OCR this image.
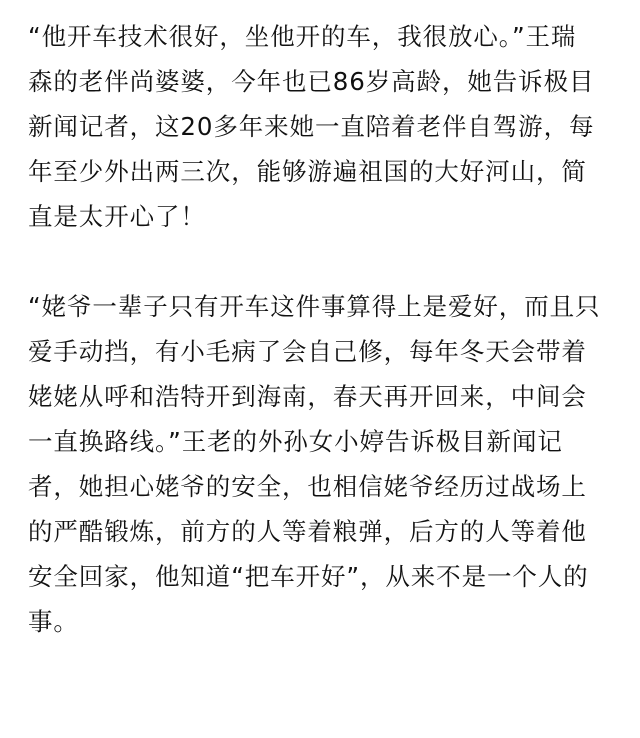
“他开车技术很好，坐他开的车，我很放心。”王瑞
森的老伴尚婆婆，今年也已86岁高龄，她告诉极目
新闻记者，这20多年来她一直陪着老伴自驾游，每
年至少外出两三次，能够游遍祖国的大好河山，简
直是太开心了！

“姥爷一辈子只有开车这件事算得上是爱好，而且只
爱手动挡，有小毛病了会自己修，每年冬天会带着
姥姥从呼和浩特开到海南，春天再开回来，中间会
一直换路线。”王老的外孙女小婷告诉极目新闻记
者，她担心姥爷的安全，也相信姥爷经历过战场上
的严酷锻炼，前方的人等着粮弹，后方的人等着他
安全回家，他知道“把车开好”，从来不是一个人的
事。
